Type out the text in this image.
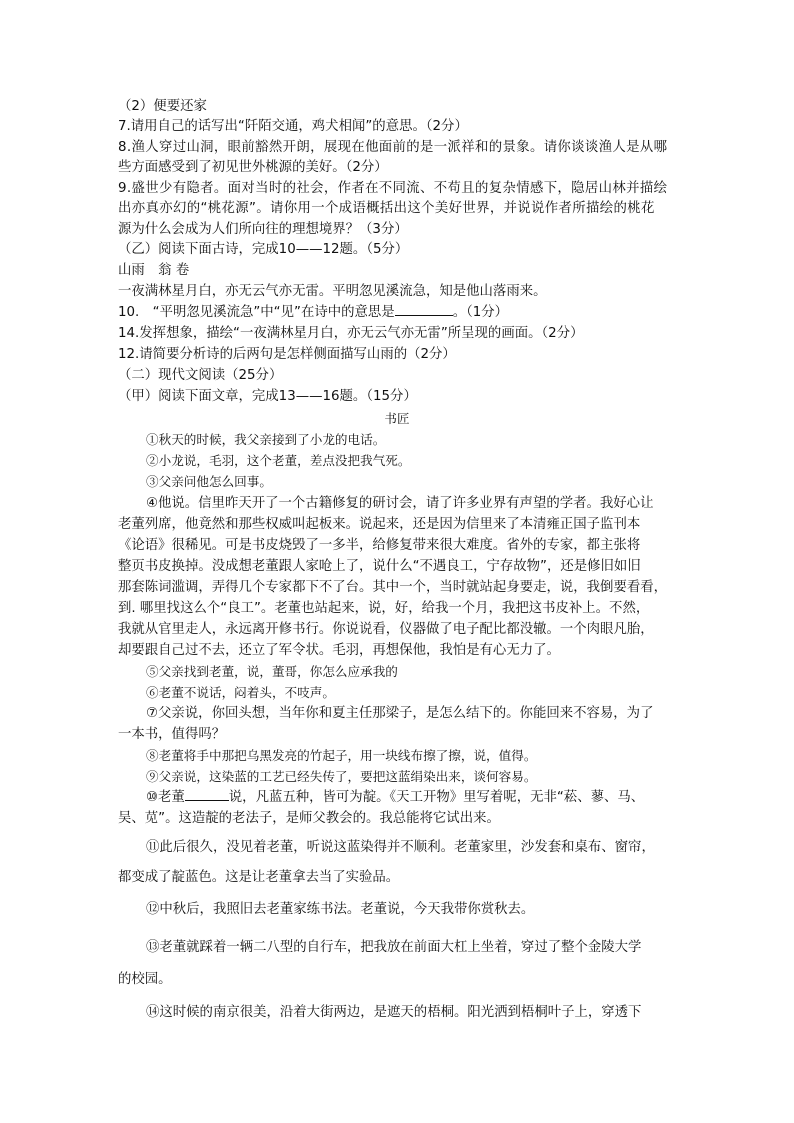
（2）便要还家
7.请用自己的话写出“阡陌交通，鸡犬相闻”的意思。（2分）
8.渔人穿过山洞，眼前豁然开朗，展现在他面前的是一派祥和的景象。请你谈谈渔人是从哪
些方面感受到了初见世外桃源的美好。（2分）
9.盛世少有隐者。面对当时的社会，作者在不同流、不苟且的复杂情感下，隐居山林并描绘
出亦真亦幻的“桃花源”。请你用一个成语概括出这个美好世界，并说说作者所描绘的桃花
源为什么会成为人们所向往的理想境界？（3分）
（乙）阅读下面古诗，完成10——12题。（5分）
山雨　翁 卷
一夜满林星月白，亦无云气亦无雷。平明忽见溪流急，知是他山落雨来。
10.　“平明忽见溪流急”中“见”在诗中的意思是	。（1分）
14.发挥想象，描绘“一夜满林星月白，亦无云气亦无雷”所呈现的画面。（2分）
12.请简要分析诗的后两句是怎样侧面描写山雨的（2分）
（二）现代文阅读（25分）
（甲）阅读下面文章，完成13——16题。（15分）
书匠
①秋天的时候，我父亲接到了小龙的电话。
②小龙说，毛羽，这个老董，差点没把我气死。
③父亲问他怎么回事。
④他说。信里昨天开了一个古籍修复的研讨会，请了许多业界有声望的学者。我好心让
老董列席，他竟然和那些权威叫起板来。说起来，还是因为信里来了本清雍正国子监刊本
《论语》很稀见。可是书皮烧毁了一多半，给修复带来很大难度。省外的专家，都主张将
整页书皮换掉。没成想老董跟人家呛上了，说什么“不遇良工，宁存故物”，还是修旧如旧
那套陈词滥调，弄得几个专家都下不了台。其中一个，当时就站起身要走，说，我倒要看看，
到. 哪里找这么个“良工”。老董也站起来，说，好，给我一个月，我把这书皮补上。不然，
我就从官里走人，永远离开修书行。你说说看，仪器做了电子配比都没辙。一个肉眼凡胎，
却要跟自己过不去，还立了军令状。毛羽，再想保他，我怕是有心无力了。
⑤父亲找到老董，说，董哥，你怎么应承我的
⑥老董不说话，闷着头，不吱声。
⑦父亲说，你回头想，当年你和夏主任那梁子，是怎么结下的。你能回来不容易，为了
一本书，值得吗？
⑧老董将手中那把乌黑发亮的竹起子，用一块线布擦了擦，说，值得。
⑨父亲说，这染蓝的工艺已经失传了，要把这蓝绢染出来，谈何容易。
⑩老董	说，凡蓝五种，皆可为靛。《天工开物》里写着呢，无非“菘、蓼、马、
吴、苋”。这造靛的老法子，是师父教会的。我总能将它试出来。
⑪此后很久，没见着老董，听说这蓝染得并不顺利。老董家里，沙发套和桌布、窗帘，
都变成了靛蓝色。这是让老董拿去当了实验品。
⑫中秋后，我照旧去老董家练书法。老董说，今天我带你赏秋去。
⑬老董就踩着一辆二八型的自行车，把我放在前面大杠上坐着，穿过了整个金陵大学
的校园。
⑭这时候的南京很美，沿着大街两边，是遮天的梧桐。阳光洒到梧桐叶子上，穿透下
